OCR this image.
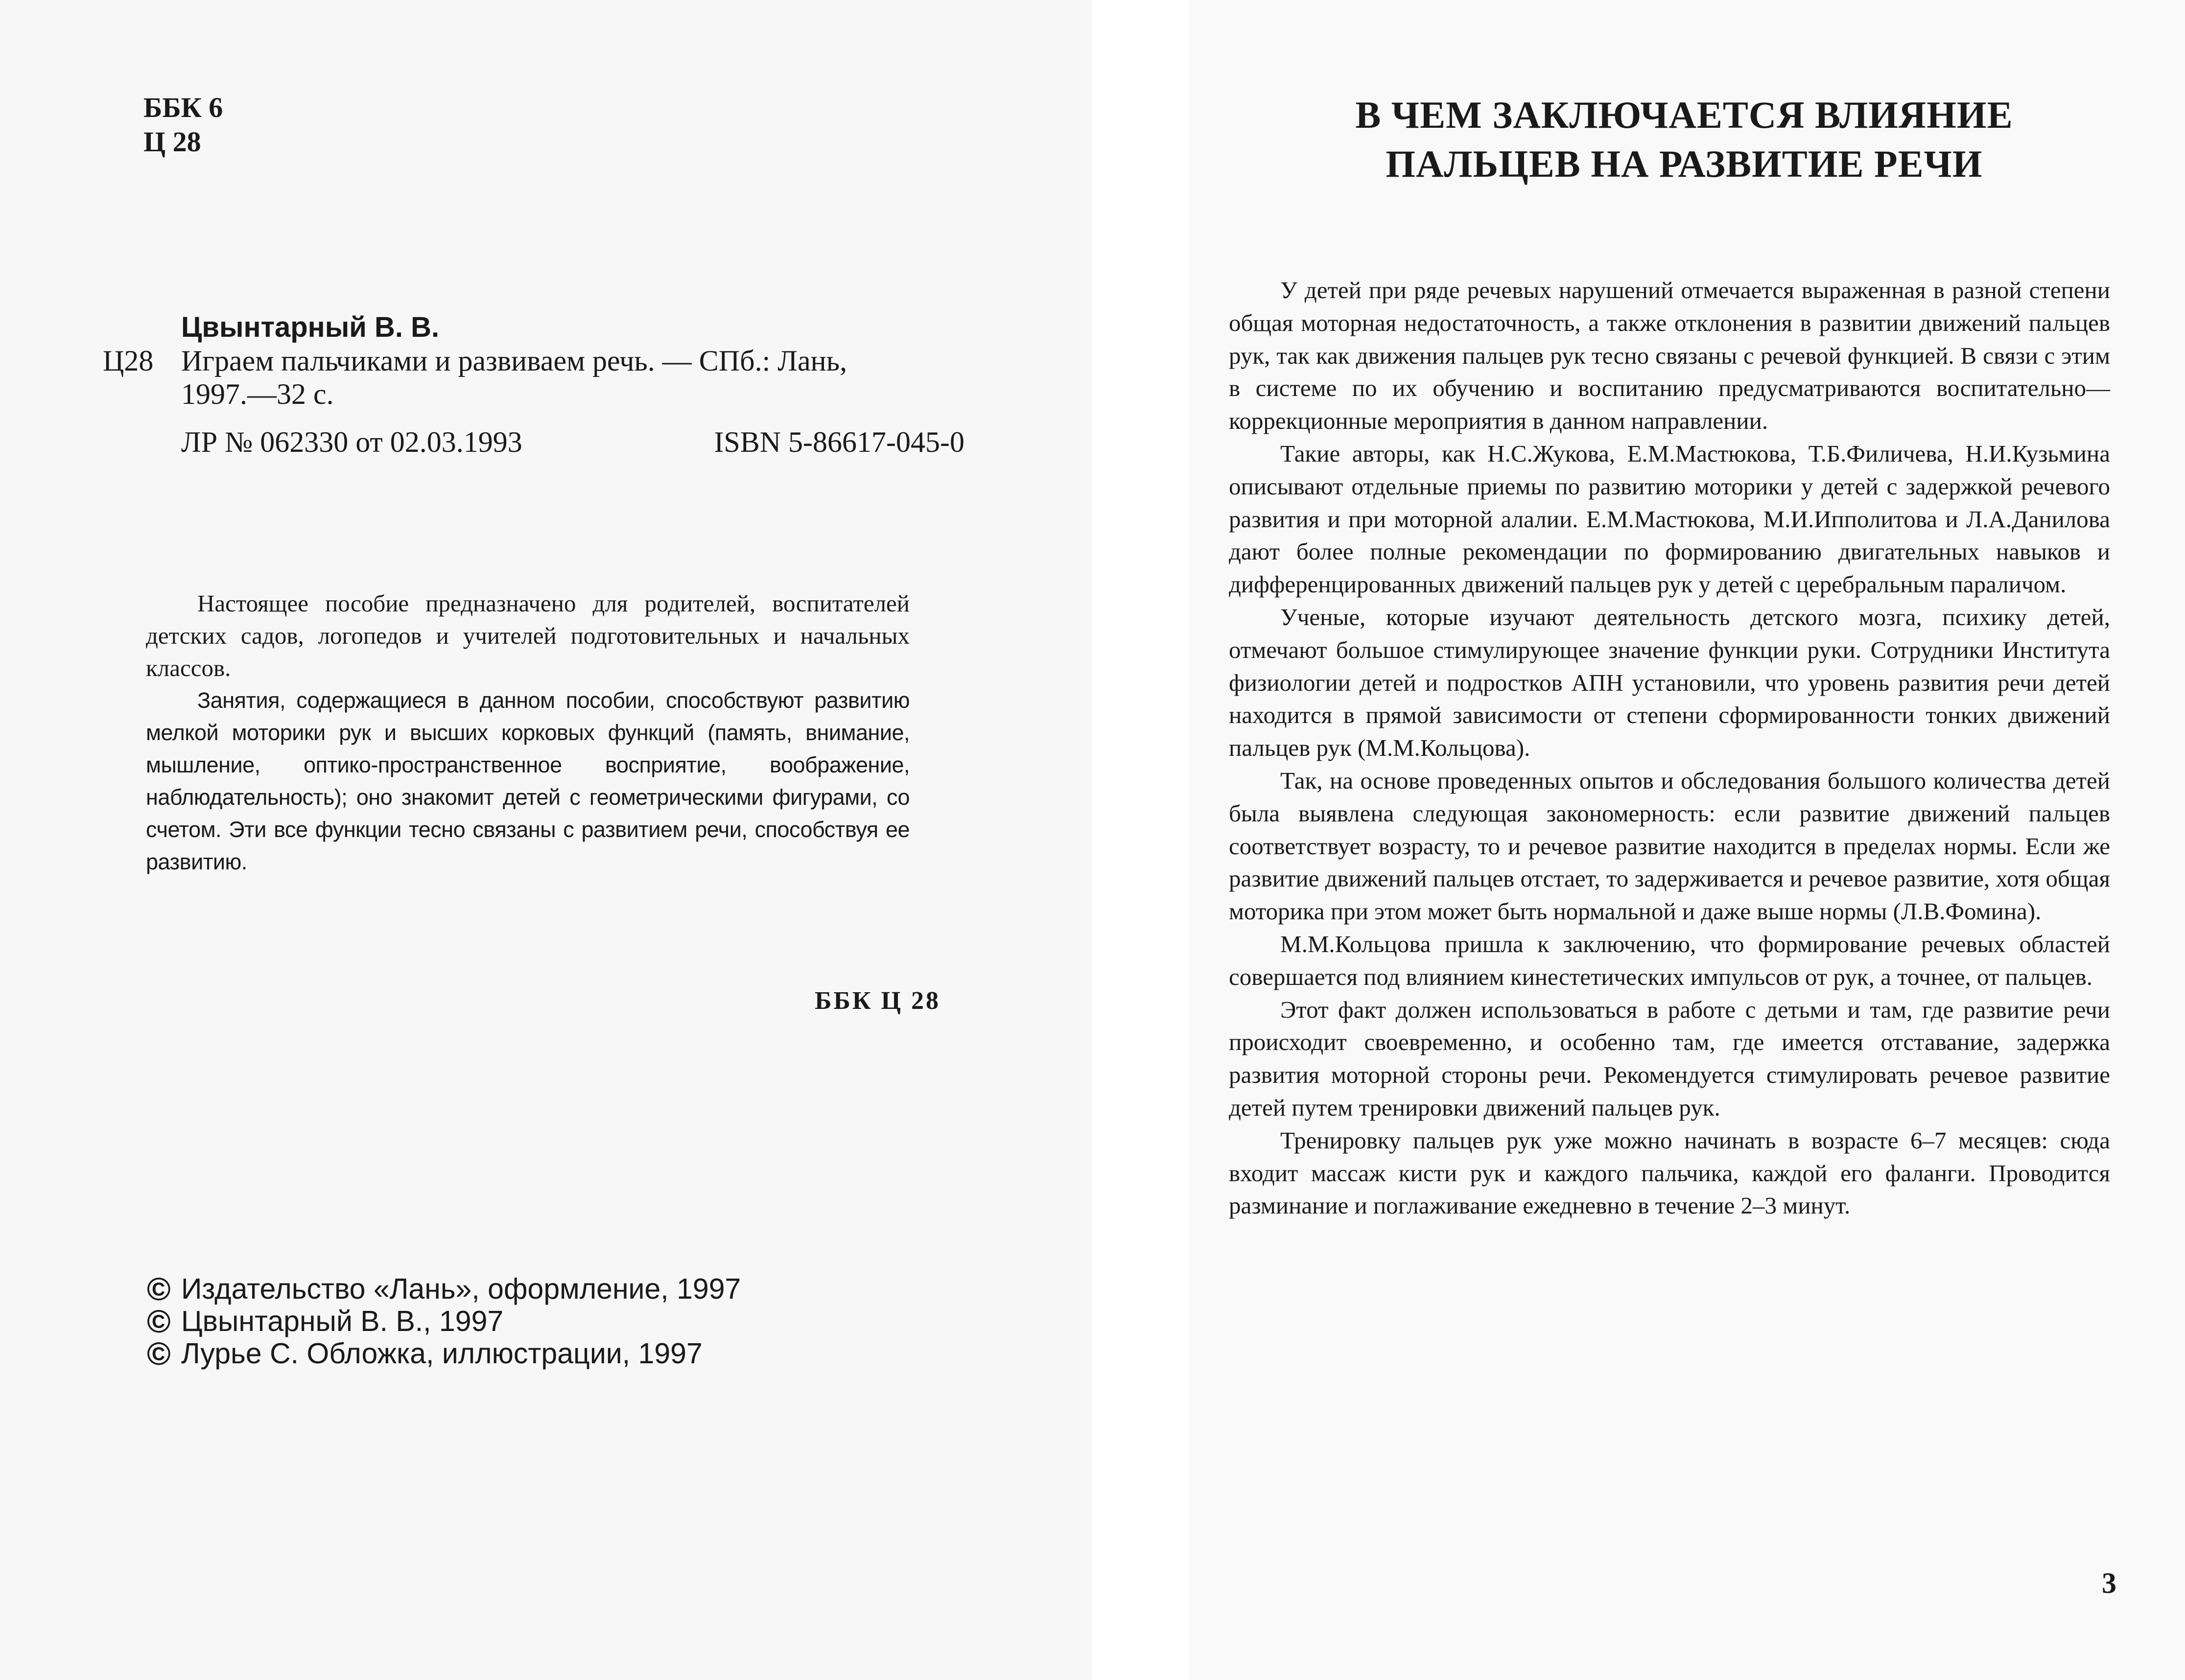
ББК 6
Ц 28
Цвынтарный В. В.
Ц28 Играем пальчиками и развиваем речь. — СПб.: Лань,
1997.—32 с.
ЛР № 062330 от 02.03.1993	ISBN 5-86617-045-0

Настоящее пособие предназначено для родителей, воспитателей детских садов, логопедов и учителей подготовительных и начальных классов.

Занятия, содержащиеся в данном пособии, способствуют развитию мелкой моторики рук и высших корковых функций (память, внимание, мышление, оптико-пространственное восприятие, воображение, наблюдательность); оно знакомит детей с геометрическими фигурами, со счетом. Эти все функции тесно связаны с развитием речи, способствуя ее развитию.

ББК Ц 28
© Издательство «Лань», оформление, 1997
© Цвынтарный В. В., 1997
© Лурье С. Обложка, иллюстрации, 1997
В ЧЕМ ЗАКЛЮЧАЕТСЯ ВЛИЯНИЕ
ПАЛЬЦЕВ НА РАЗВИТИЕ РЕЧИ

У детей при ряде речевых нарушений отмечается выраженная в разной степени общая моторная недостаточность, а также отклонения в развитии движений пальцев рук, так как движения пальцев рук тесно связаны с речевой функцией. В связи с этим в системе по их обучению и воспитанию предусматриваются воспитательно—коррекционные мероприятия в данном направлении.

Такие авторы, как Н.С.Жукова, Е.М.Мастюкова, Т.Б.Филичева, Н.И.Кузьмина описывают отдельные приемы по развитию моторики у детей с задержкой речевого развития и при моторной алалии. Е.М.Мастюкова, М.И.Ипполитова и Л.А.Данилова дают более полные рекомендации по формированию двигательных навыков и дифференцированных движений пальцев рук у детей с церебральным параличом.

Ученые, которые изучают деятельность детского мозга, психику детей, отмечают большое стимулирующее значение функции руки. Сотрудники Института физиологии детей и подростков АПН установили, что уровень развития речи детей находится в прямой зависимости от степени сформированности тонких движений пальцев рук (М.М.Кольцова).

Так, на основе проведенных опытов и обследования большого количества детей была выявлена следующая закономерность: если развитие движений пальцев соответствует возрасту, то и речевое развитие находится в пределах нормы. Если же развитие движений пальцев отстает, то задерживается и речевое развитие, хотя общая моторика при этом может быть нормальной и даже выше нормы (Л.В.Фомина).

М.М.Кольцова пришла к заключению, что формирование речевых областей совершается под влиянием кинестетических импульсов от рук, а точнее, от пальцев.

Этот факт должен использоваться в работе с детьми и там, где развитие речи происходит своевременно, и особенно там, где имеется отставание, задержка развития моторной стороны речи. Рекомендуется стимулировать речевое развитие детей путем тренировки движений пальцев рук.

Тренировку пальцев рук уже можно начинать в возрасте 6–7 месяцев: сюда входит массаж кисти рук и каждого пальчика, каждой его фаланги. Проводится разминание и поглаживание ежедневно в течение 2–3 минут.

3
